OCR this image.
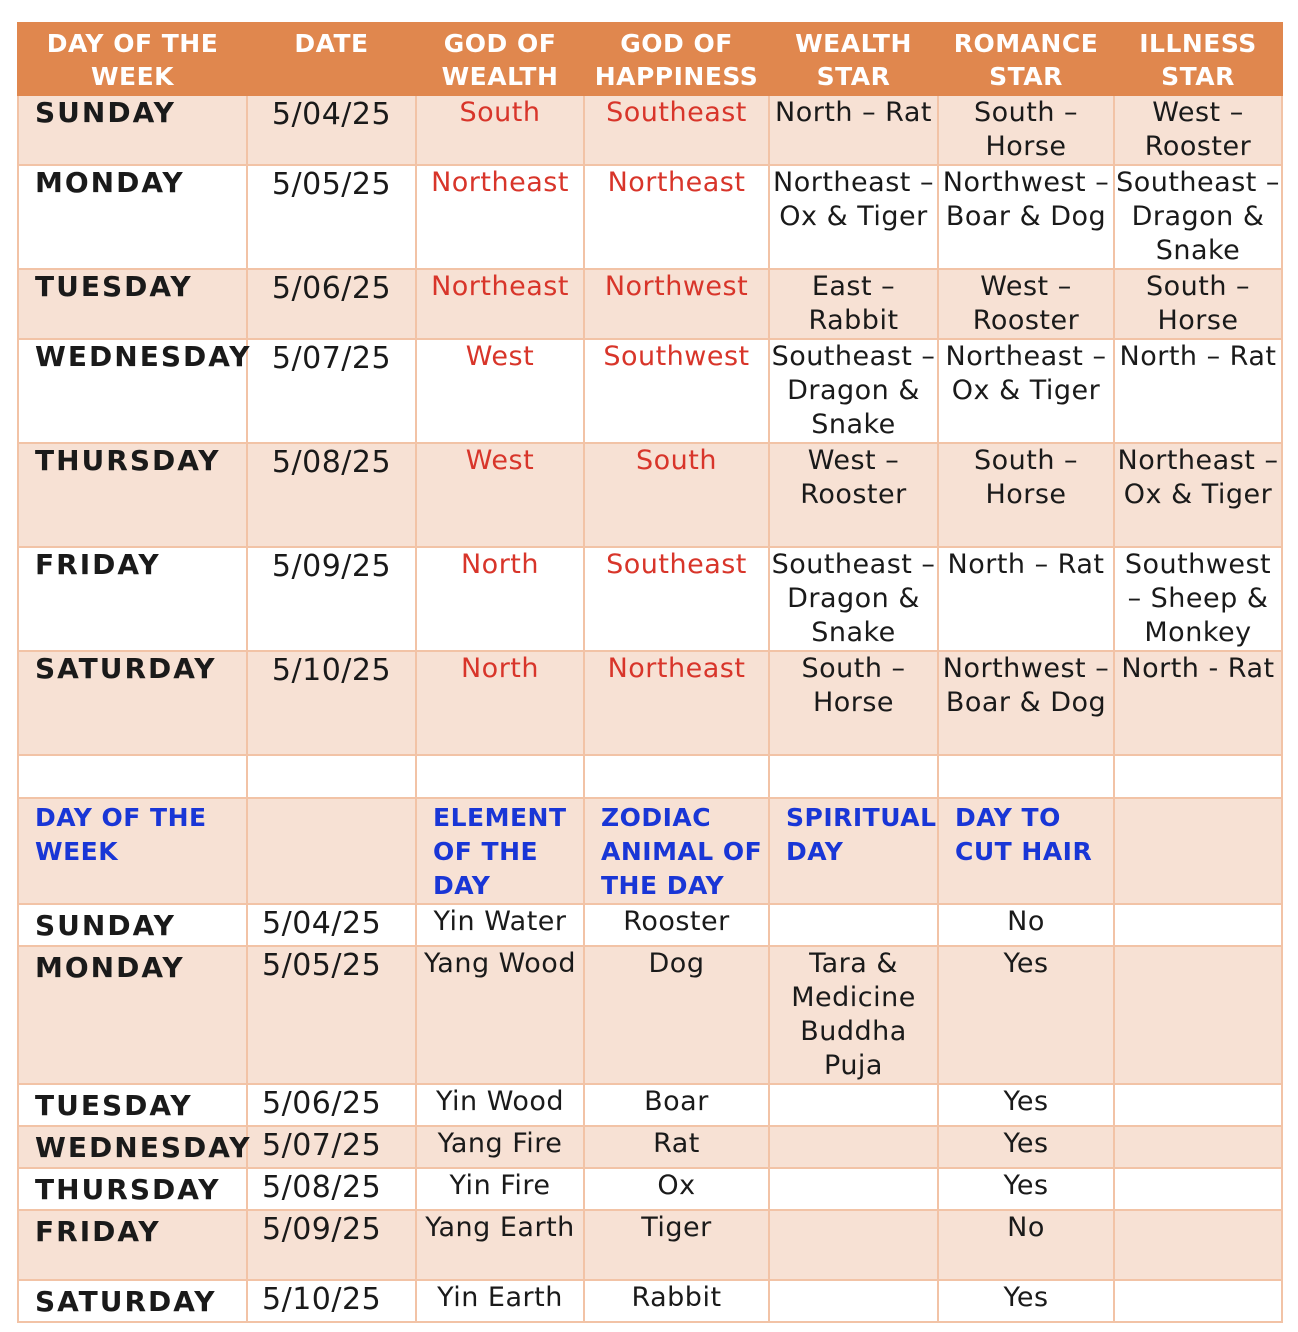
DAY OF THE WEEK	DATE	GOD OF WEALTH	GOD OF HAPPINESS	WEALTH STAR	ROMANCE STAR	ILLNESS STAR
SUNDAY	5/04/25	South	Southeast	North – Rat	South – Horse	West – Rooster
MONDAY	5/05/25	Northeast	Northeast	Northeast – Ox & Tiger	Northwest – Boar & Dog	Southeast – Dragon & Snake
TUESDAY	5/06/25	Northeast	Northwest	East – Rabbit	West – Rooster	South – Horse
WEDNESDAY	5/07/25	West	Southwest	Southeast – Dragon & Snake	Northeast – Ox & Tiger	North – Rat
THURSDAY	5/08/25	West	South	West – Rooster	South – Horse	Northeast – Ox & Tiger
FRIDAY	5/09/25	North	Southeast	Southeast – Dragon & Snake	North – Rat	Southwest – Sheep & Monkey
SATURDAY	5/10/25	North	Northeast	South – Horse	Northwest – Boar & Dog	North - Rat

DAY OF THE WEEK		ELEMENT OF THE DAY	ZODIAC ANIMAL OF THE DAY	SPIRITUAL DAY	DAY TO CUT HAIR	
SUNDAY	5/04/25	Yin Water	Rooster		No	
MONDAY	5/05/25	Yang Wood	Dog	Tara & Medicine Buddha Puja	Yes	
TUESDAY	5/06/25	Yin Wood	Boar		Yes	
WEDNESDAY	5/07/25	Yang Fire	Rat		Yes	
THURSDAY	5/08/25	Yin Fire	Ox		Yes	
FRIDAY	5/09/25	Yang Earth	Tiger		No	
SATURDAY	5/10/25	Yin Earth	Rabbit		Yes	
